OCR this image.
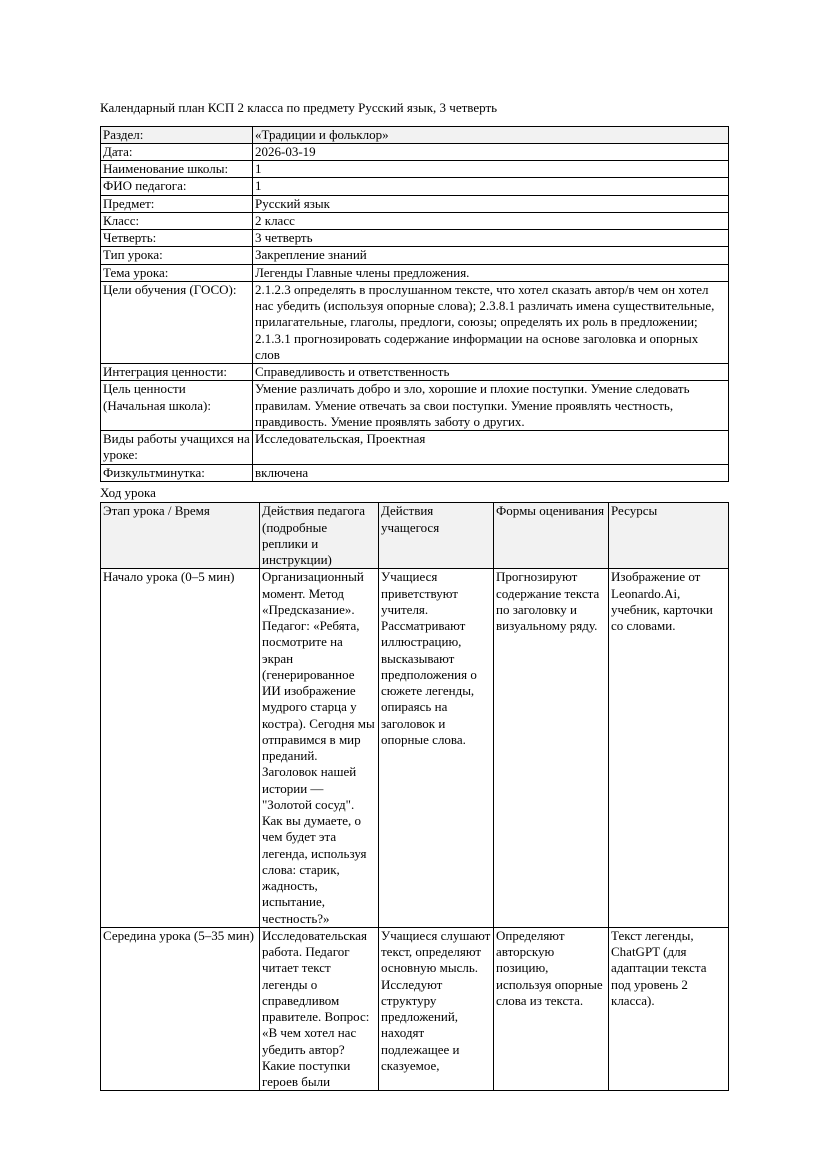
Календарный план КСП 2 класса по предмету Русский язык, 3 четверть

Раздел:	«Традиции и фольклор»
Дата:	2026-03-19
Наименование школы:	1
ФИО педагога:	1
Предмет:	Русский язык
Класс:	2 класс
Четверть:	3 четверть
Тип урока:	Закрепление знаний
Тема урока:	Легенды Главные члены предложения.
Цели обучения (ГОСО):	2.1.2.3 определять в прослушанном тексте, что хотел сказать автор/в чем он хотел нас убедить (используя опорные слова); 2.3.8.1 различать имена существительные, прилагательные, глаголы, предлоги, союзы; определять их роль в предложении; 2.1.3.1 прогнозировать содержание информации на основе заголовка и опорных слов
Интеграция ценности:	Справедливость и ответственность
Цель ценности (Начальная школа):	Умение различать добро и зло, хорошие и плохие поступки. Умение следовать правилам. Умение отвечать за свои поступки. Умение проявлять честность, правдивость. Умение проявлять заботу о других.
Виды работы учащихся на уроке:	Исследовательская, Проектная
Физкультминутка:	включена

Ход урока

Этап урока / Время	Действия педагога (подробные реплики и инструкции)	Действия учащегося	Формы оценивания	Ресурсы
Начало урока (0–5 мин)	Организационный момент. Метод «Предсказание». Педагог: «Ребята, посмотрите на экран (генерированное ИИ изображение мудрого старца у костра). Сегодня мы отправимся в мир преданий. Заголовок нашей истории — "Золотой сосуд". Как вы думаете, о чем будет эта легенда, используя слова: старик, жадность, испытание, честность?»	Учащиеся приветствуют учителя. Рассматривают иллюстрацию, высказывают предположения о сюжете легенды, опираясь на заголовок и опорные слова.	Прогнозируют содержание текста по заголовку и визуальному ряду.	Изображение от Leonardo.Ai, учебник, карточки со словами.
Середина урока (5–35 мин)	Исследовательская работа. Педагог читает текст легенды о справедливом правителе. Вопрос: «В чем хотел нас убедить автор? Какие поступки героев были	Учащиеся слушают текст, определяют основную мысль. Исследуют структуру предложений, находят подлежащее и сказуемое,	Определяют авторскую позицию, используя опорные слова из текста.	Текст легенды, ChatGPT (для адаптации текста под уровень 2 класса).
